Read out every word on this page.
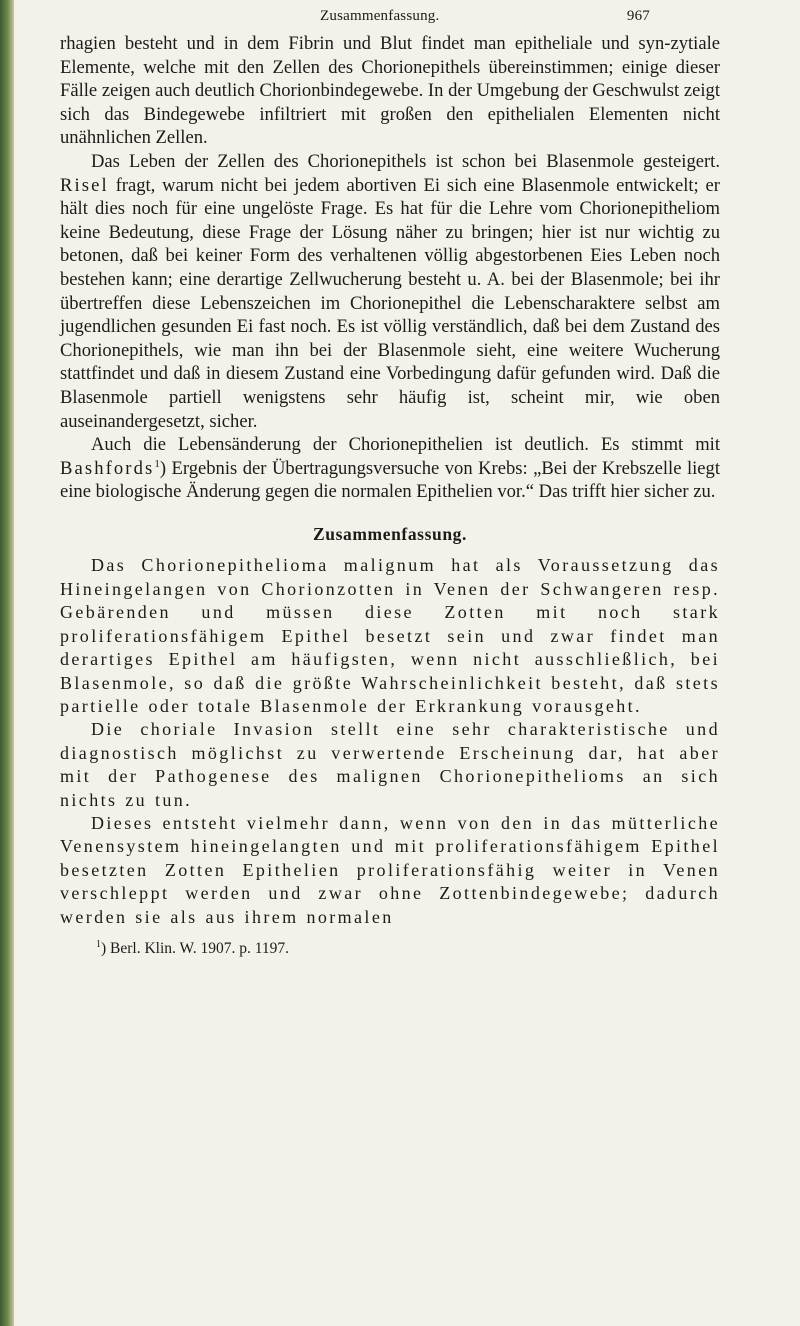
Zusammenfassung.	967

rhagien besteht und in dem Fibrin und Blut findet man epitheliale und syn-zytiale Elemente, welche mit den Zellen des Chorionepithels übereinstimmen; einige dieser Fälle zeigen auch deutlich Chorionbindegewebe. In der Umgebung der Geschwulst zeigt sich das Bindegewebe infiltriert mit großen den epithelialen Elementen nicht unähnlichen Zellen.

Das Leben der Zellen des Chorionepithels ist schon bei Blasenmole gesteigert. Risel fragt, warum nicht bei jedem abortiven Ei sich eine Blasenmole entwickelt; er hält dies noch für eine ungelöste Frage. Es hat für die Lehre vom Chorionepitheliom keine Bedeutung, diese Frage der Lösung näher zu bringen; hier ist nur wichtig zu betonen, daß bei keiner Form des verhaltenen völlig abgestorbenen Eies Leben noch bestehen kann; eine derartige Zellwucherung besteht u. A. bei der Blasenmole; bei ihr übertreffen diese Lebenszeichen im Chorionepithel die Lebenscharaktere selbst am jugendlichen gesunden Ei fast noch. Es ist völlig verständlich, daß bei dem Zustand des Chorionepithels, wie man ihn bei der Blasenmole sieht, eine weitere Wucherung stattfindet und daß in diesem Zustand eine Vorbedingung dafür gefunden wird. Daß die Blasenmole partiell wenigstens sehr häufig ist, scheint mir, wie oben auseinandergesetzt, sicher.

Auch die Lebensänderung der Chorionepithelien ist deutlich. Es stimmt mit Bashfords$^1$) Ergebnis der Übertragungsversuche von Krebs: „Bei der Krebszelle liegt eine biologische Änderung gegen die normalen Epithelien vor.“ Das trifft hier sicher zu.

Zusammenfassung.

Das Chorionepithelioma malignum hat als Voraussetzung das Hineingelangen von Chorionzotten in Venen der Schwangeren resp. Gebärenden und müssen diese Zotten mit noch stark proliferationsfähigem Epithel besetzt sein und zwar findet man derartiges Epithel am häufigsten, wenn nicht ausschließlich, bei Blasenmole, so daß die größte Wahrscheinlichkeit besteht, daß stets partielle oder totale Blasenmole der Erkrankung vorausgeht.

Die choriale Invasion stellt eine sehr charakteristische und diagnostisch möglichst zu verwertende Erscheinung dar, hat aber mit der Pathogenese des malignen Chorionepithelioms an sich nichts zu tun.

Dieses entsteht vielmehr dann, wenn von den in das mütterliche Venensystem hineingelangten und mit proliferationsfähigem Epithel besetzten Zotten Epithelien proliferationsfähig weiter in Venen verschleppt werden und zwar ohne Zottenbindegewebe; dadurch werden sie als aus ihrem normalen

$^1$) Berl. Klin. W. 1907. p. 1197.
